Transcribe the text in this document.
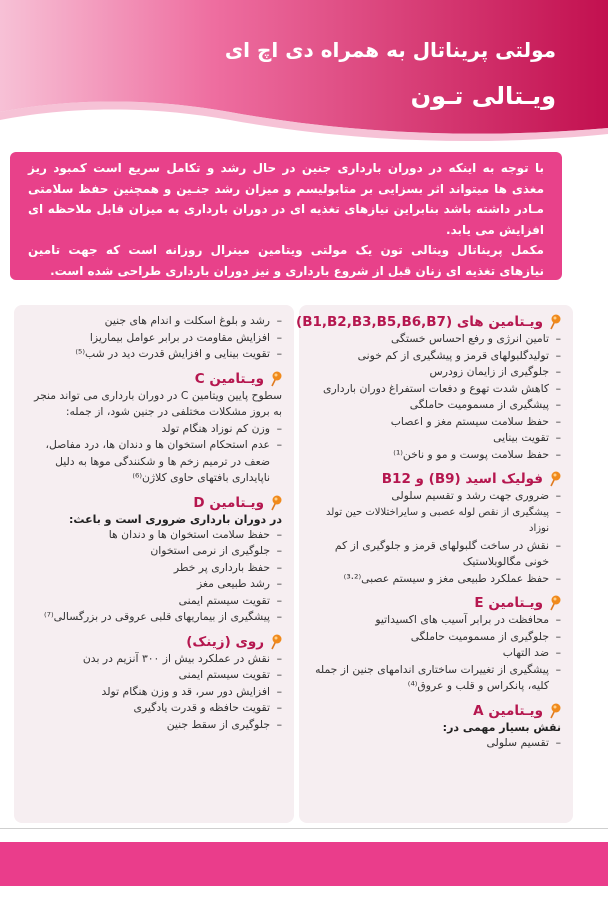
مولتی پریناتال به همراه دی اچ ای
ویـتالی تـون

با توجه به اینکه در دوران بارداری جنین در حال رشد و تکامل سریع است کمبود ریز مغذی ها میتواند اثر بسزایی بر متابولیسم و میزان رشد جنـین و همچنین حفظ سلامتی مـادر داشته باشد بنابراین نیازهای تغذیه ای در دوران بارداری به میزان قابل ملاحظه ای افزایش می یابد.

مکمل پریناتال ویتالی تون یک مولتی ویتامین مینرال روزانه است که جهت تامین نیازهای تغذیه ای زنان قبل از شروع بارداری و نیز دوران بارداری طراحی شده است.

ویـتامین های (B1,B2,B3,B5,B6,B7)
– تامین انرژی و رفع احساس خستگی
– تولیدگلبولهای قرمز و پیشگیری از کم خونی
– جلوگیری از زایمان زودرس
– کاهش شدت تهوع و دفعات استفراغ دوران بارداری
– پیشگیری از مسمومیت حاملگی
– حفظ سلامت سیستم مغز و اعصاب
– تقویت بینایی
– حفظ سلامت پوست و مو و ناخن⁽¹⁾
فولیک اسید (B9) و B12
– ضروری جهت رشد و تقسیم سلولی
– پیشگیری از نقص لوله عصبی و سایراختلالات حین تولد نوزاد
– نقش در ساخت گلبولهای قرمز و جلوگیری از کم خونی مگالوبلاستیک
– حفظ عملکرد طبیعی مغز و سیستم عصبی⁽²·³⁾
ویـتامین E
– محافظت در برابر آسیب های اکسیداتیو
– جلوگیری از مسمومیت حاملگی
– ضد التهاب
– پیشگیری از تغییرات ساختاری اندامهای جنین از جمله کلیه، پانکراس و قلب و عروق⁽⁴⁾
ویـتامین A
نقش بسیار مهمی در:
– تقسیم سلولی
– رشد و بلوغ اسکلت و اندام های جنین
– افزایش مقاومت در برابر عوامل بیماریزا
– تقویت بینایی و افزایش قدرت دید در شب⁽⁵⁾
ویـتامین C

سطوح پایین ویتامین C در دوران بارداری می تواند منجر به بروز مشکلات مختلفی در جنین شود، از جمله:

– وزن کم نوزاد هنگام تولد
– عدم استحکام استخوان ها و دندان ها، درد مفاصل، ضعف در ترمیم زخم ها و شکنندگی موها به دلیل ناپایداری بافتهای حاوی کلاژن⁽⁶⁾
ویـتامین D
در دوران بارداری ضروری است و باعث:
– حفظ سلامت استخوان ها و دندان ها
– جلوگیری از نرمی استخوان
– حفظ بارداری پر خطر
– رشد طبیعی مغز
– تقویت سیستم ایمنی
– پیشگیری از بیماریهای قلبی عروقی در بزرگسالی⁽⁷⁾
روی (زینک)
– نقش در عملکرد بیش از ۳۰۰ آنزیم در بدن
– تقویت سیستم ایمنی
– افزایش دور سر، قد و وزن هنگام تولد
– تقویت حافظه و قدرت یادگیری
– جلوگیری از سقط جنین
